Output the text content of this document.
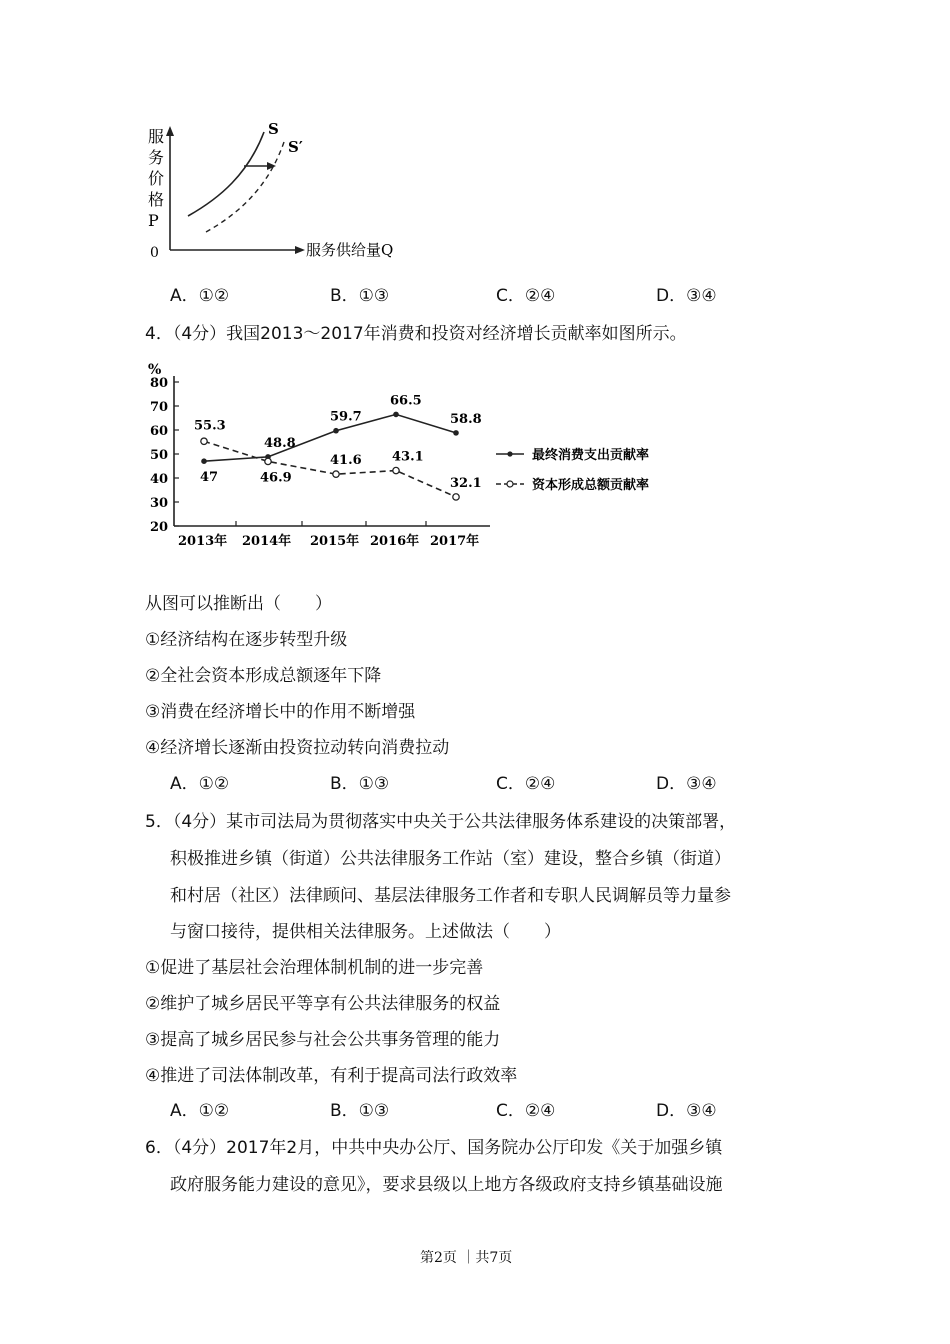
服
务
价
格
P
0	服务供给量Q
S
S′
A．①②	B．①③	C．②④	D．③④
4．（4分）我国2013～2017年消费和投资对经济增长贡献率如图所示。
%
20
30
40
50
60
70
80
2013年 2014年 2015年 2016年 2017年
47
48.8
59.7
66.5
58.8
最终消费支出贡献率
55.3
46.9
41.6 43.1
32.1	资本形成总额贡献率
从图可以推断出（　　）
①经济结构在逐步转型升级
②全社会资本形成总额逐年下降
③消费在经济增长中的作用不断增强
④经济增长逐渐由投资拉动转向消费拉动
A．①②	B．①③	C．②④	D．③④
5．（4分）某市司法局为贯彻落实中央关于公共法律服务体系建设的决策部署，
积极推进乡镇（街道）公共法律服务工作站（室）建设，整合乡镇（街道）
和村居（社区）法律顾问、基层法律服务工作者和专职人民调解员等力量参
与窗口接待，提供相关法律服务。上述做法（　　）
①促进了基层社会治理体制机制的进一步完善
②维护了城乡居民平等享有公共法律服务的权益
③提高了城乡居民参与社会公共事务管理的能力
④推进了司法体制改革，有利于提高司法行政效率
A．①②	B．①③	C．②④	D．③④
6．（4分）2017年2月，中共中央办公厅、国务院办公厅印发《关于加强乡镇
政府服务能力建设的意见》，要求县级以上地方各级政府支持乡镇基础设施
第2页 ｜共7页
